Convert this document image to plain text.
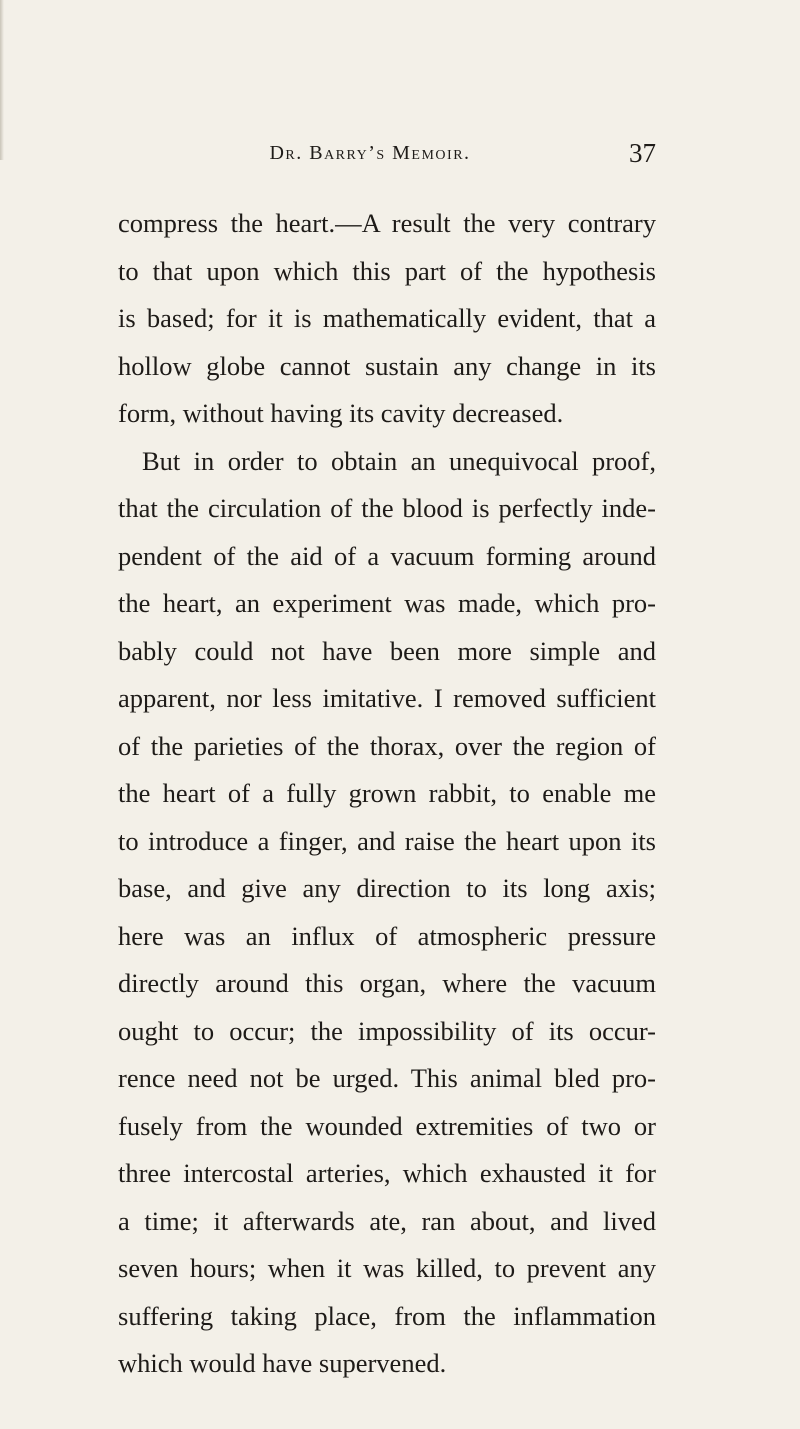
Dr. Barry’s Memoir.	37
compress the heart.—A result the very contrary
to that upon which this part of the hypothesis
is based; for it is mathematically evident, that a
hollow globe cannot sustain any change in its
form, without having its cavity decreased.
But in order to obtain an unequivocal proof,
that the circulation of the blood is perfectly inde-
pendent of the aid of a vacuum forming around
the heart, an experiment was made, which pro-
bably could not have been more simple and
apparent, nor less imitative. I removed sufficient
of the parieties of the thorax, over the region of
the heart of a fully grown rabbit, to enable me
to introduce a finger, and raise the heart upon its
base, and give any direction to its long axis;
here was an influx of atmospheric pressure
directly around this organ, where the vacuum
ought to occur; the impossibility of its occur-
rence need not be urged. This animal bled pro-
fusely from the wounded extremities of two or
three intercostal arteries, which exhausted it for
a time; it afterwards ate, ran about, and lived
seven hours; when it was killed, to prevent any
suffering taking place, from the inflammation
which would have supervened.
